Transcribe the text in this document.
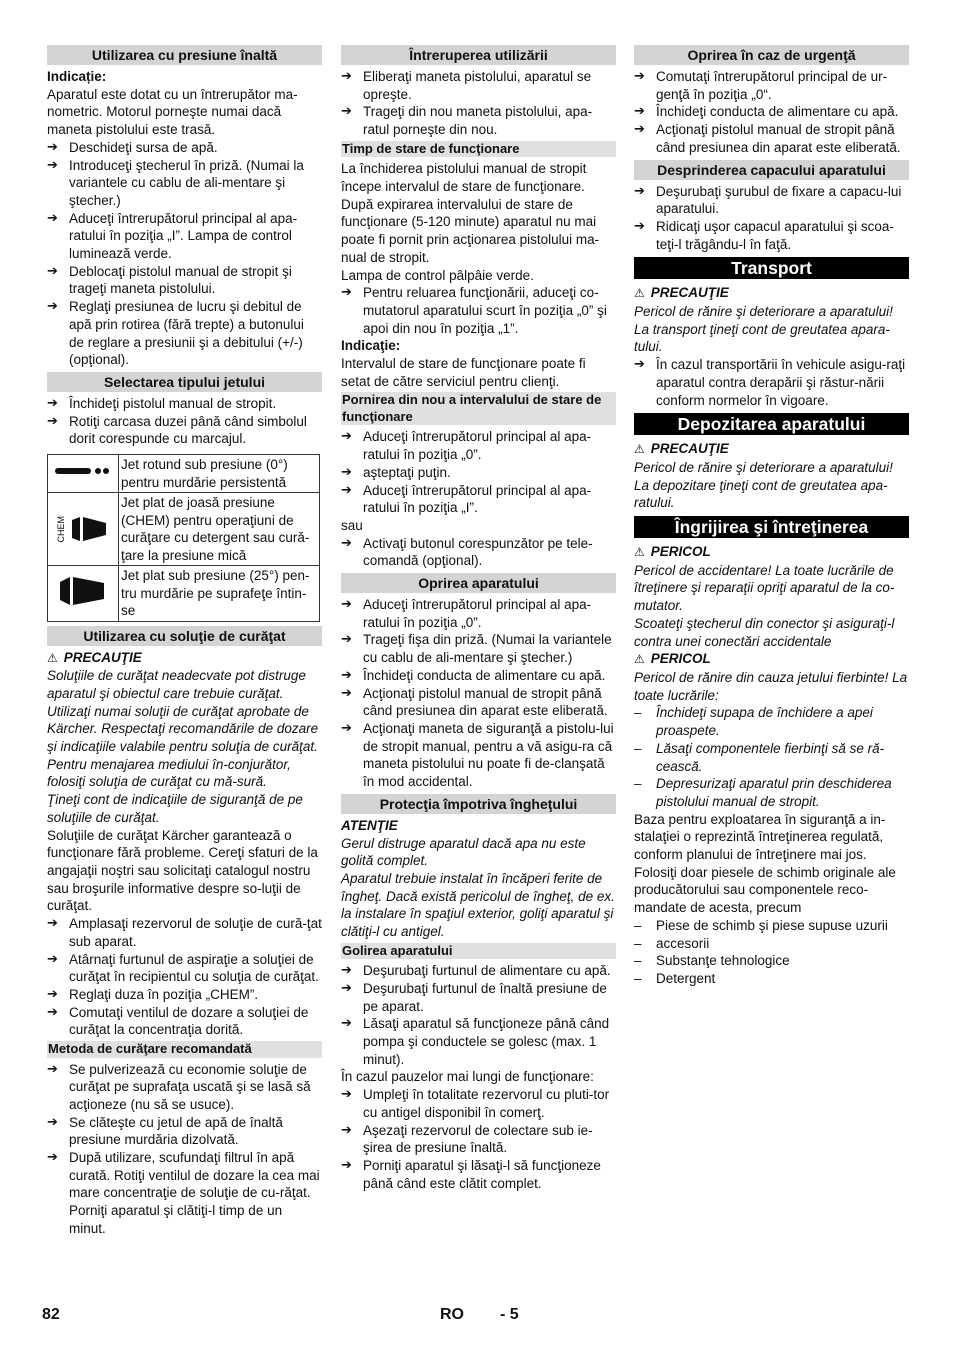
Utilizarea cu presiune înaltă

Indicație:

Aparatul este dotat cu un întrerupător ma-nometric. Motorul porneşte numai dacă maneta pistolului este trasă.

➔ Deschideţi sursa de apă.

➔ Introduceţi ştecherul în priză. (Numai la variantele cu cablu de ali-mentare şi ştecher.)

➔ Aduceţi întrerupătorul principal al apa-ratului în poziţia „I”. Lampa de control luminează verde.

➔ Deblocaţi pistolul manual de stropit şi trageţi maneta pistolului.

➔ Reglaţi presiunea de lucru şi debitul de apă prin rotirea (fără trepte) a butonului de reglare a presiunii şi a debitului (+/-) (opţional).

Selectarea tipului jetului

➔ Închideţi pistolul manual de stropit.

➔ Rotiţi carcasa duzei până când simbolul dorit corespunde cu marcajul.

	Jet rotund sub presiune (0°) pentru murdărie persistentă

CHEM	Jet plat de joasă presiune (CHEM) pentru operaţiuni de curăţare cu detergent sau cură-ţare la presiune mică
	Jet plat sub presiune (25°) pen-tru murdărie pe suprafeţe întin-se
Utilizarea cu soluţie de curăţat

⚠ PRECAUŢIE

Soluţiile de curăţat neadecvate pot distruge aparatul şi obiectul care trebuie curăţat. Utilizaţi numai soluţii de curăţat aprobate de Kärcher. Respectaţi recomandările de dozare şi indicaţiile valabile pentru soluţia de curăţat. Pentru menajarea mediului în-conjurător, folosiţi soluţia de curăţat cu mă-sură.

Ţineţi cont de indicaţiile de siguranţă de pe soluţiile de curăţat.

Soluţiile de curăţat Kärcher garantează o funcţionare fără probleme. Cereţi sfaturi de la angajaţii noştri sau solicitaţi catalogul nostru sau broşurile informative despre so-luţii de curăţat.

➔ Amplasaţi rezervorul de soluţie de cură-ţat sub aparat.

➔ Atârnaţi furtunul de aspiraţie a soluţiei de curăţat în recipientul cu soluţia de curăţat.

➔ Reglaţi duza în poziţia „CHEM”.

➔ Comutaţi ventilul de dozare a soluţiei de curăţat la concentraţia dorită.

Metoda de curăţare recomandată

➔ Se pulverizează cu economie soluţie de curăţat pe suprafaţa uscată şi se lasă să acţioneze (nu să se usuce).

➔ Se clăteşte cu jetul de apă de înaltă presiune murdăria dizolvată.

➔ După utilizare, scufundaţi filtrul în apă curată. Rotiţi ventilul de dozare la cea mai mare concentraţie de soluţie de cu-răţat. Porniţi aparatul şi clătiţi-l timp de un minut.

Întreruperea utilizării

➔ Eliberaţi maneta pistolului, aparatul se opreşte.

➔ Trageţi din nou maneta pistolului, apa-ratul porneşte din nou.

Timp de stare de funcţionare

La închiderea pistolului manual de stropit începe intervalul de stare de funcţionare. După expirarea intervalului de stare de funcţionare (5-120 minute) aparatul nu mai poate fi pornit prin acţionarea pistolului ma-nual de stropit.

Lampa de control pâlpâie verde.

➔ Pentru reluarea funcţionării, aduceţi co-mutatorul aparatului scurt în poziţia „0” şi apoi din nou în poziţia „1”.

Indicaţie:

Intervalul de stare de funcţionare poate fi setat de către serviciul pentru clienţi.

Pornirea din nou a intervalului de stare de funcţionare

➔ Aduceţi întrerupătorul principal al apa-ratului în poziţia „0”.

➔ aşteptaţi puţin.

➔ Aduceţi întrerupătorul principal al apa-ratului în poziţia „I”.

sau

➔ Activaţi butonul corespunzător pe tele-comandă (opţional).

Oprirea aparatului

➔ Aduceţi întrerupătorul principal al apa-ratului în poziţia „0”.

➔ Trageţi fişa din priză. (Numai la variantele cu cablu de ali-mentare şi ştecher.)

➔ Închideţi conducta de alimentare cu apă.

➔ Acţionaţi pistolul manual de stropit până când presiunea din aparat este eliberată.

➔ Acţionaţi maneta de siguranţă a pistolu-lui de stropit manual, pentru a vă asigu-ra că maneta pistolului nu poate fi de-clanşată în mod accidental.

Protecţia împotriva îngheţului

ATENŢIE

Gerul distruge aparatul dacă apa nu este golită complet.

Aparatul trebuie instalat în încăperi ferite de îngheţ. Dacă există pericolul de îngheţ, de ex. la instalare în spaţiul exterior, goliţi aparatul şi clătiţi-l cu antigel.

Golirea aparatului

➔ Deşurubaţi furtunul de alimentare cu apă.

➔ Deşurubaţi furtunul de înaltă presiune de pe aparat.

➔ Lăsaţi aparatul să funcţioneze până când pompa şi conductele se golesc (max. 1 minut).

În cazul pauzelor mai lungi de funcţionare:

➔ Umpleţi în totalitate rezervorul cu pluti-tor cu antigel disponibil în comerţ.

➔ Aşezaţi rezervorul de colectare sub ie-şirea de presiune înaltă.

➔ Porniţi aparatul şi lăsaţi-l să funcţioneze până când este clătit complet.

Oprirea în caz de urgenţă

➔ Comutaţi întrerupătorul principal de ur-genţă în poziţia „0“.

➔ Închideţi conducta de alimentare cu apă.

➔ Acţionaţi pistolul manual de stropit până când presiunea din aparat este eliberată.

Desprinderea capacului aparatului

➔ Deşurubaţi şurubul de fixare a capacu-lui aparatului.

➔ Ridicaţi uşor capacul aparatului şi scoa-teţi-l trăgându-l în faţă.

Transport

⚠ PRECAUŢIE

Pericol de rănire şi deteriorare a aparatului! La transport ţineţi cont de greutatea apara-tului.

➔ În cazul transportării în vehicule asigu-raţi aparatul contra derapării şi răstur-nării conform normelor în vigoare.

Depozitarea aparatului

⚠ PRECAUŢIE

Pericol de rănire şi deteriorare a aparatului! La depozitare ţineţi cont de greutatea apa-ratului.

Îngrijirea şi întreţinerea

⚠ PERICOL

Pericol de accidentare! La toate lucrările de îtreţinere şi reparaţii opriţi aparatul de la co-mutator.

Scoateţi ştecherul din conector şi asiguraţi-l contra unei conectări accidentale

⚠ PERICOL

Pericol de rănire din cauza jetului fierbinte! La toate lucrările:

– Închideţi supapa de închidere a apei proaspete.

– Lăsaţi componentele fierbinţi să se ră-cească.

– Depresurizaţi aparatul prin deschiderea pistolului manual de stropit.

Baza pentru exploatarea în siguranţă a in-stalaţiei o reprezintă întreţinerea regulată, conform planului de întreţinere mai jos. Folosiţi doar piesele de schimb originale ale producătorului sau componentele reco-mandate de acesta, precum

– Piese de schimb şi piese supuse uzurii

– accesorii

– Substanţe tehnologice

– Detergent

82	RO - 5
